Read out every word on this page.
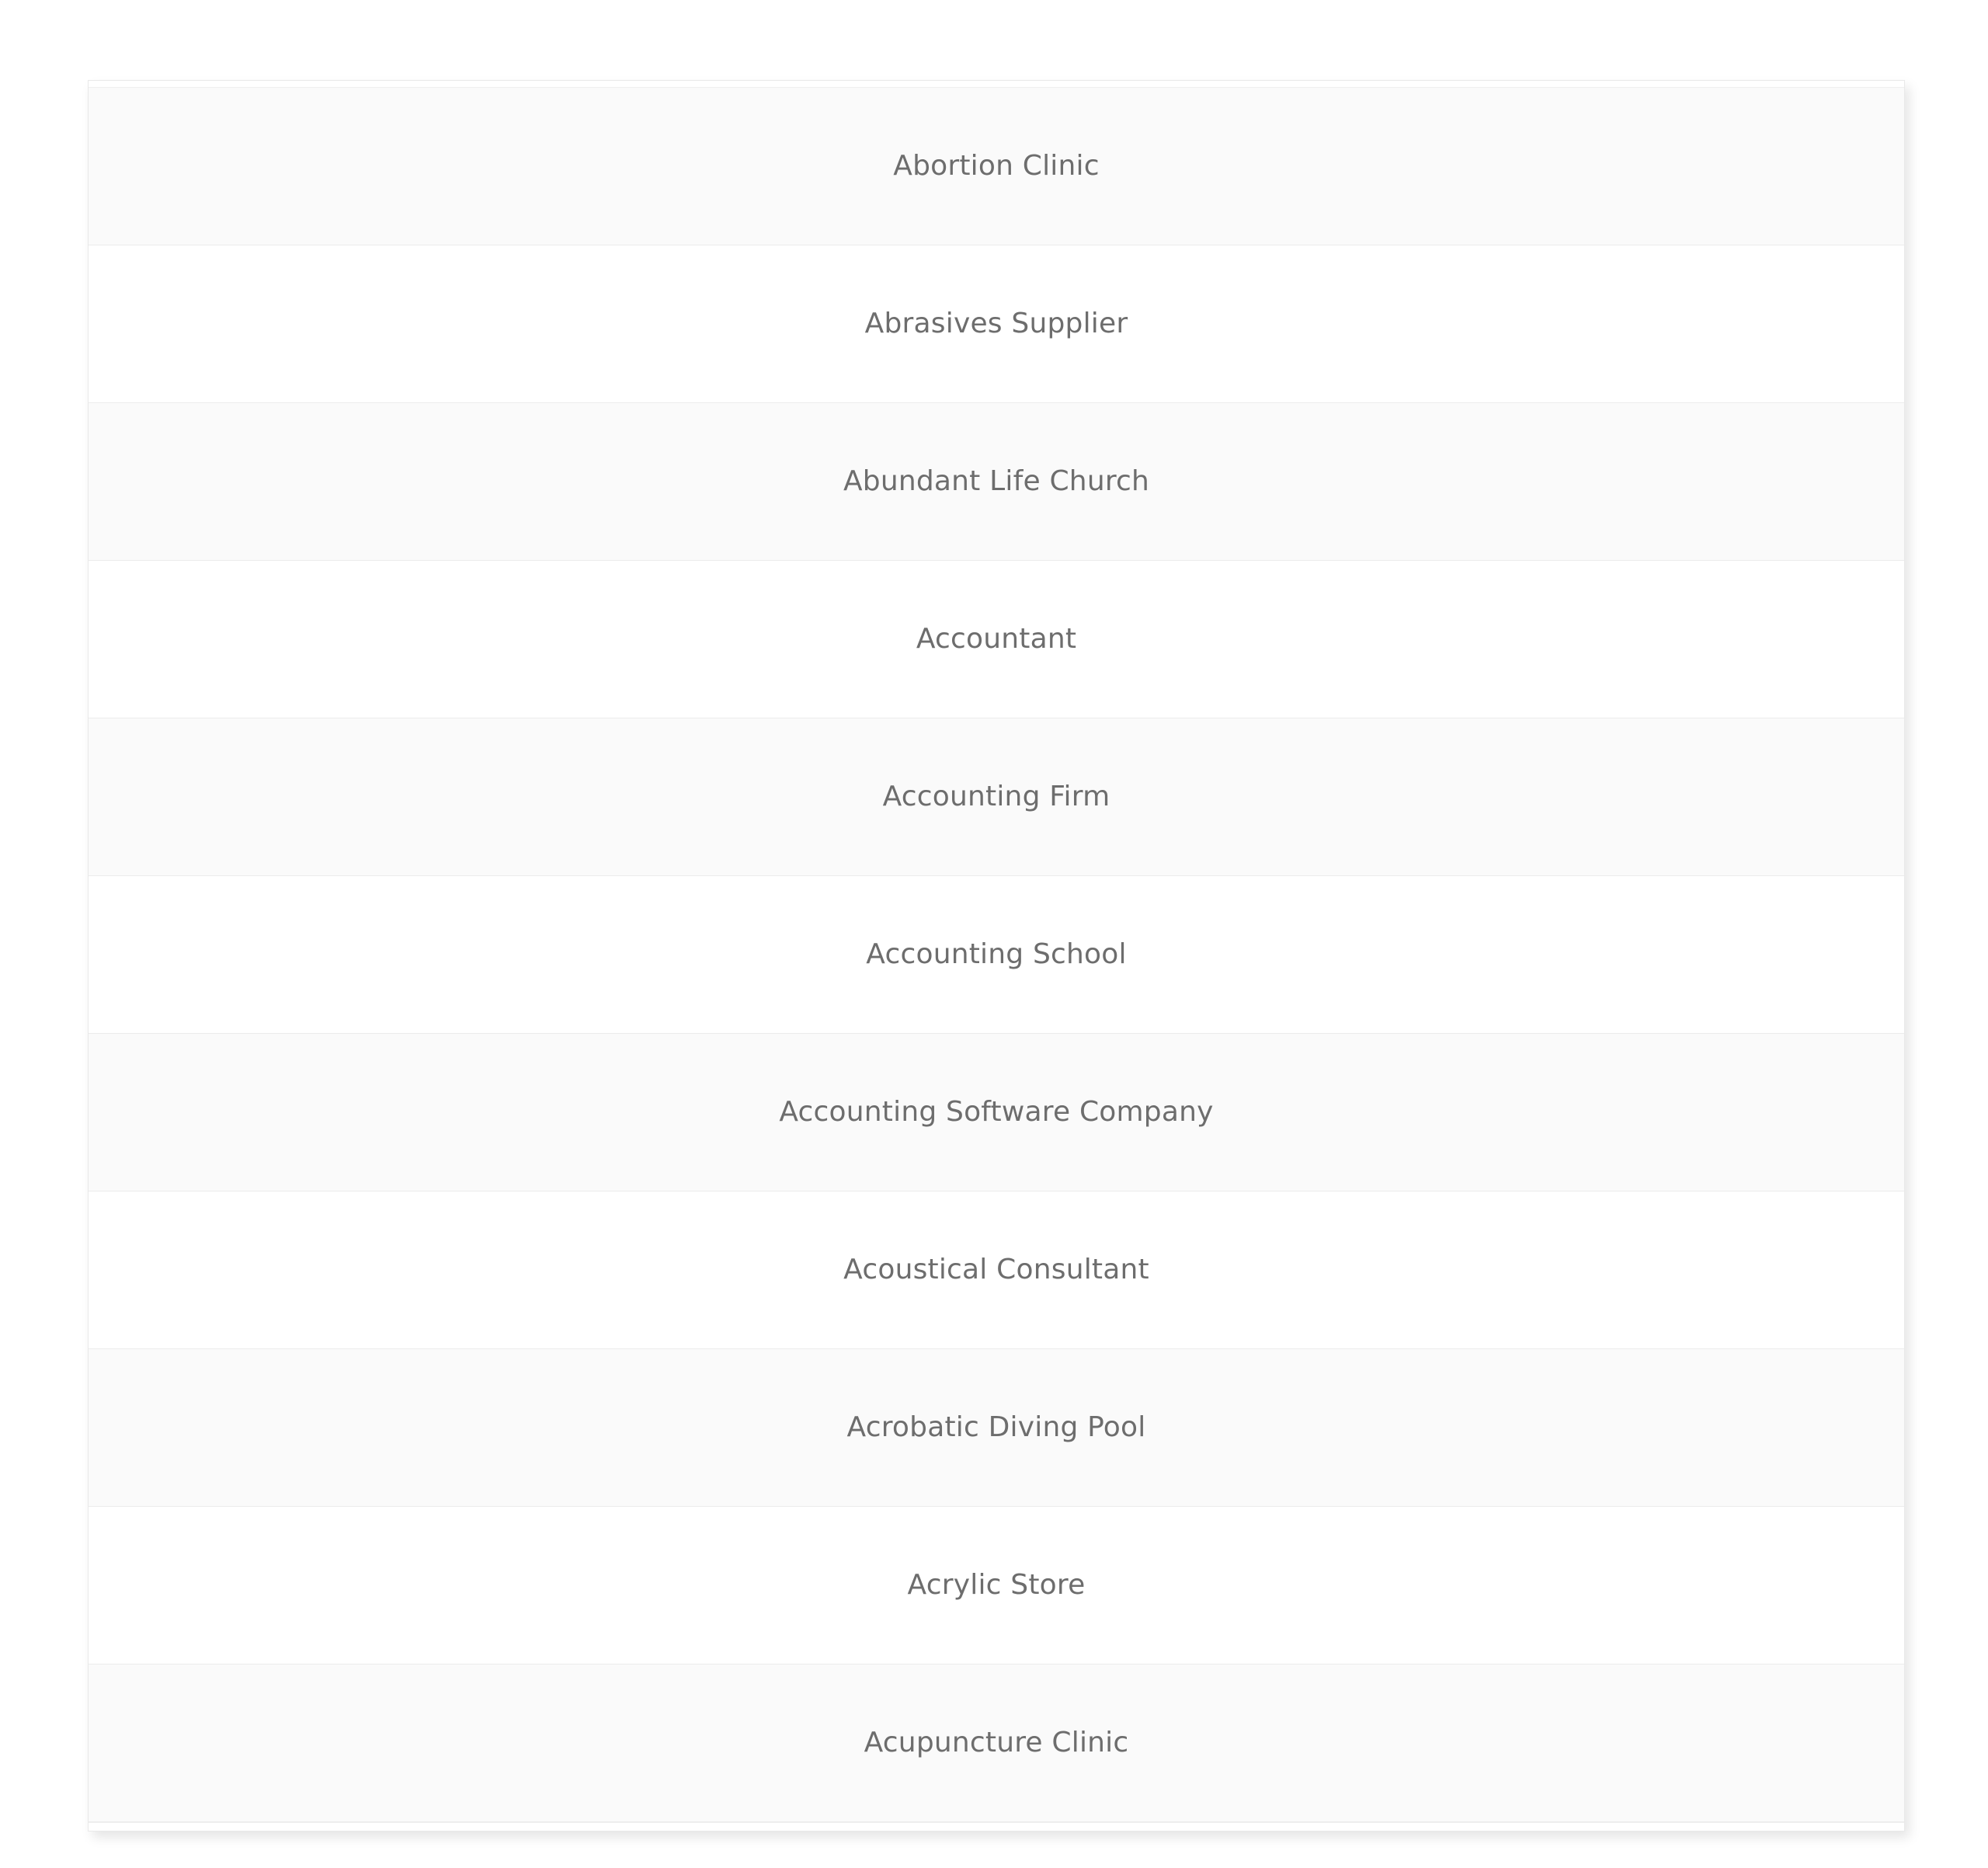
Abortion Clinic
Abrasives Supplier
Abundant Life Church
Accountant
Accounting Firm
Accounting School
Accounting Software Company
Acoustical Consultant
Acrobatic Diving Pool
Acrylic Store
Acupuncture Clinic
